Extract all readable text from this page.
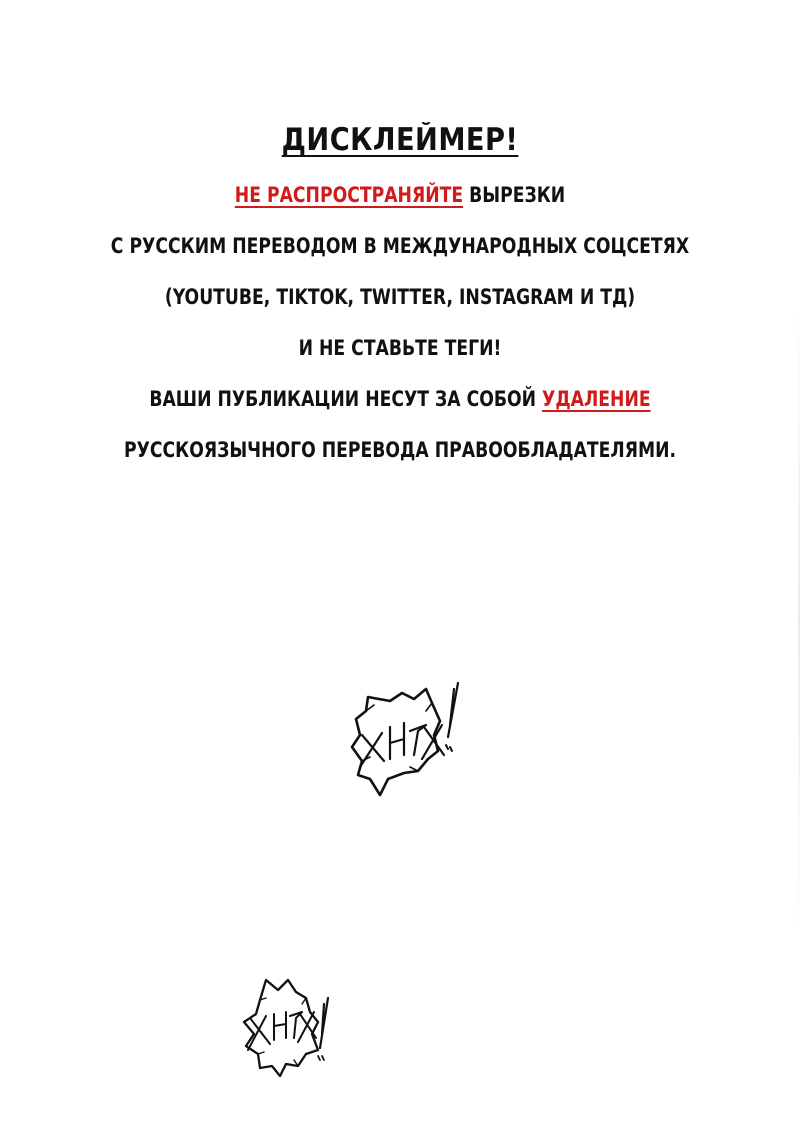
ДИСКЛЕЙМЕР!
НЕ РАСПРОСТРАНЯЙТЕ ВЫРЕЗКИ
С РУССКИМ ПЕРЕВОДОМ В МЕЖДУНАРОДНЫХ СОЦСЕТЯХ
(YOUTUBE, TIKTOK, TWITTER, INSTAGRAM И ТД)
И НЕ СТАВЬТЕ ТЕГИ!
ВАШИ ПУБЛИКАЦИИ НЕСУТ ЗА СОБОЙ УДАЛЕНИЕ
РУССКОЯЗЫЧНОГО ПЕРЕВОДА ПРАВООБЛАДАТЕЛЯМИ.
